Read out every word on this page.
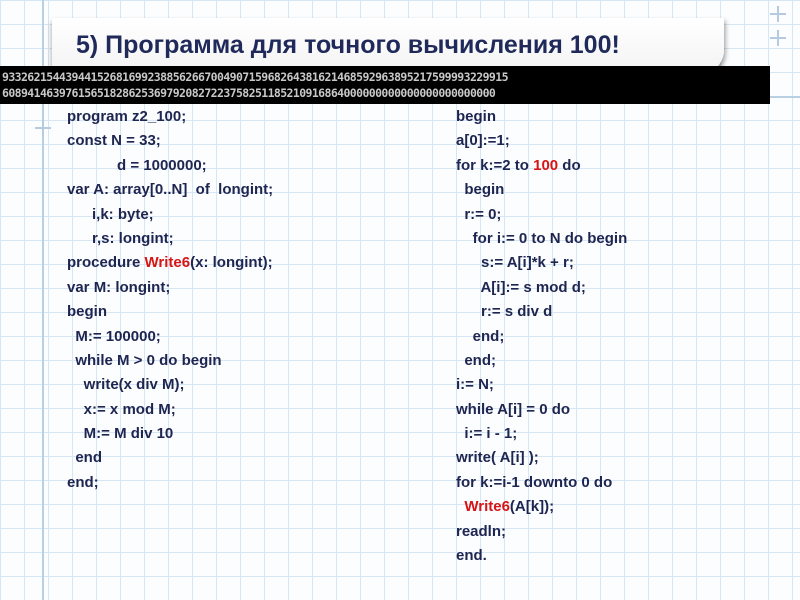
5) Программа для точного вычисления 100!
93326215443944152681699238856266700490715968264381621468592963895217599993229915
608941463976156518286253697920827223758251185210916864000000000000000000000000
program z2_100;
const N = 33;
d = 1000000;
var A: array[0..N]  of  longint;
i,k: byte;
r,s: longint;
procedure Write6(x: longint);
var M: longint;
begin
M:= 100000;
while M > 0 do begin
write(x div M);
x:= x mod M;
M:= M div 10
end
end;
begin
a[0]:=1;
for k:=2 to 100 do
begin
r:= 0;
for i:= 0 to N do begin
s:= A[i]*k + r;
A[i]:= s mod d;
r:= s div d
end;
end;
i:= N;
while A[i] = 0 do
i:= i - 1;
write( A[i] );
for k:=i-1 downto 0 do
Write6(A[k]);
readln;
end.
